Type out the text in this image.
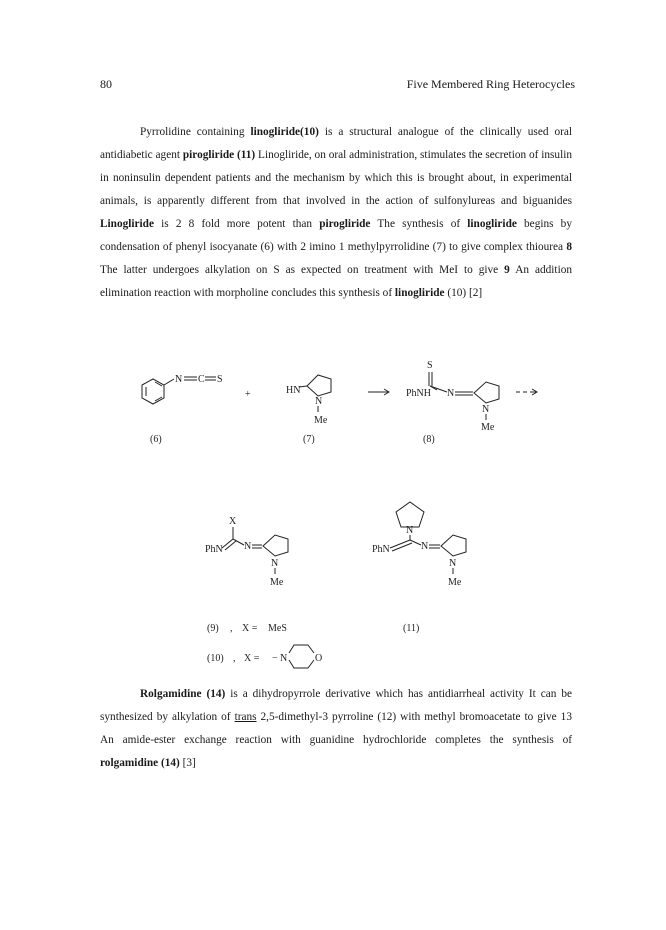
80	Five Membered Ring Heterocycles
Pyrrolidine containing linogliride(10) is a structural analogue of the clinically used oral antidiabetic agent pirogliride (11) Linogliride, on oral administration, stimulates the secretion of insulin in noninsulin dependent patients and the mechanism by which this is brought about, in experimental animals, is apparently different from that involved in the action of sulfonylureas and biguanides Linogliride is 2 8 fold more potent than pirogliride The synthesis of linogliride begins by condensation of phenyl isocyanate (6) with 2 imino 1 methylpyrrolidine (7) to give complex thiourea 8 The latter undergoes alkylation on S as expected on treatment with MeI to give 9 An addition elimination reaction with morpholine concludes this synthesis of linogliride (10) [2]
N C S
+	HN
N
Me
S
PhNH N
N
Me
(6)	(7)	(8)
X
PhN N
N
Me
N
PhN	N
N
Me
(9) , X = MeS	(11)
(10) , X = − N	O
Rolgamidine (14) is a dihydropyrrole derivative which has antidiarrheal activity It can be synthesized by alkylation of trans 2,5-dimethyl-3 pyrroline (12) with methyl bromoacetate to give 13 An amide-ester exchange reaction with guanidine hydrochloride completes the synthesis of rolgamidine (14) [3]
